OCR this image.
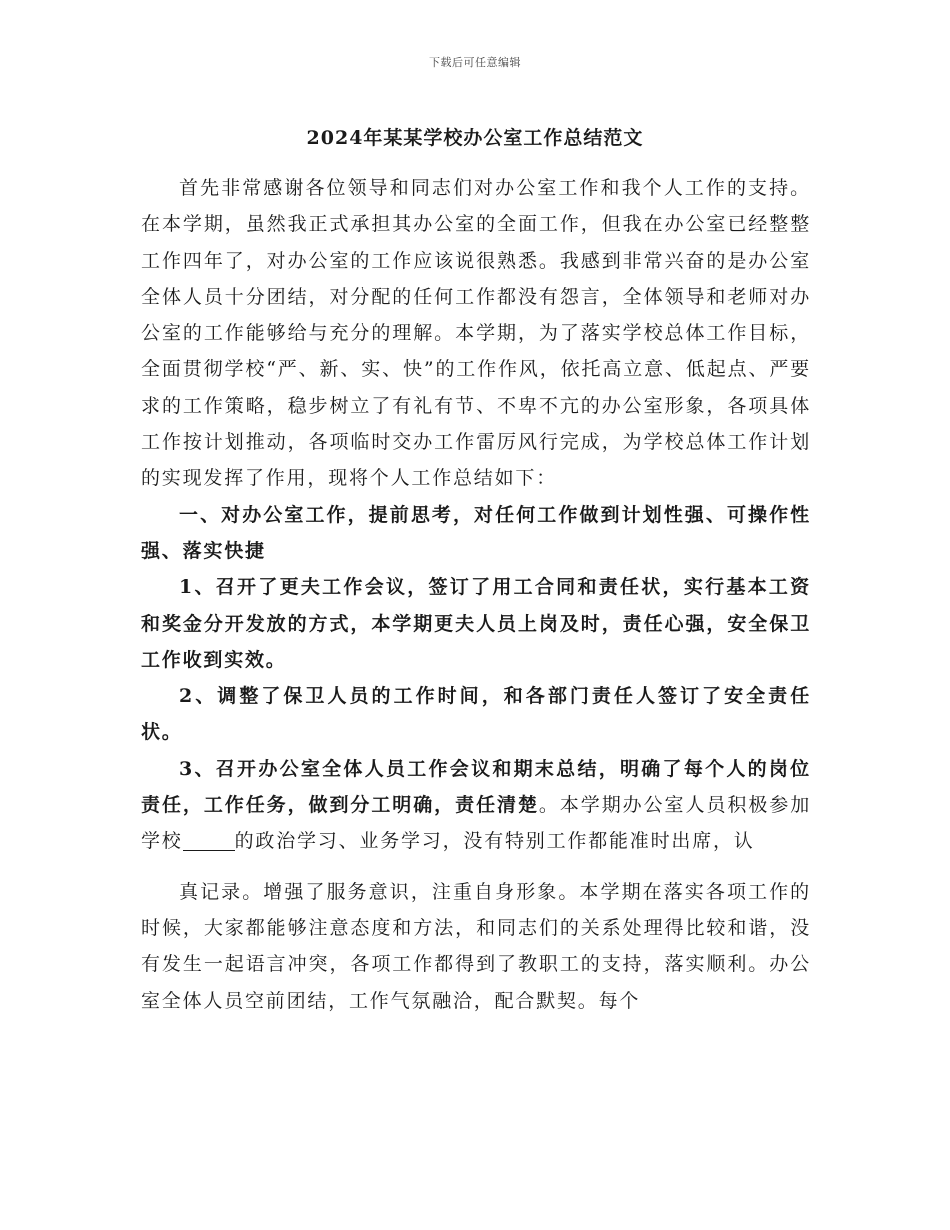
下载后可任意编辑
2024年某某学校办公室工作总结范文

首先非常感谢各位领导和同志们对办公室工作和我个人工作的支持。在本学期，虽然我正式承担其办公室的全面工作，但我在办公室已经整整工作四年了，对办公室的工作应该说很熟悉。我感到非常兴奋的是办公室全体人员十分团结，对分配的任何工作都没有怨言，全体领导和老师对办公室的工作能够给与充分的理解。本学期，为了落实学校总体工作目标，全面贯彻学校“严、新、实、快”的工作作风，依托高立意、低起点、严要求的工作策略，稳步树立了有礼有节、不卑不亢的办公室形象，各项具体工作按计划推动，各项临时交办工作雷厉风行完成，为学校总体工作计划的实现发挥了作用，现将个人工作总结如下：

一、对办公室工作，提前思考，对任何工作做到计划性强、可操作性强、落实快捷

1、召开了更夫工作会议，签订了用工合同和责任状，实行基本工资和奖金分开发放的方式，本学期更夫人员上岗及时，责任心强，安全保卫工作收到实效。

2、调整了保卫人员的工作时间，和各部门责任人签订了安全责任状。

3、召开办公室全体人员工作会议和期末总结，明确了每个人的岗位责任，工作任务，做到分工明确，责任清楚。本学期办公室人员积极参加学校	的政治学习、业务学习，没有特别工作都能准时出席，认

真记录。增强了服务意识，注重自身形象。本学期在落实各项工作的时候，大家都能够注意态度和方法，和同志们的关系处理得比较和谐，没有发生一起语言冲突，各项工作都得到了教职工的支持，落实顺利。办公室全体人员空前团结，工作气氛融洽，配合默契。每个
